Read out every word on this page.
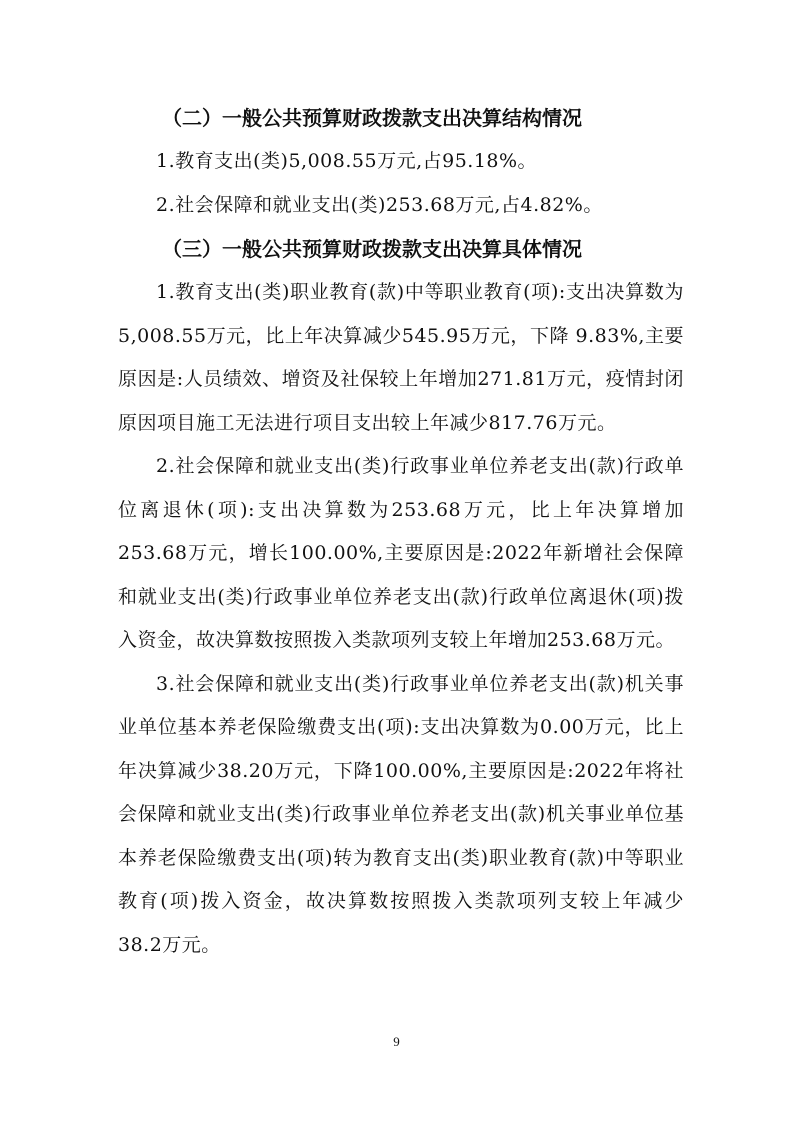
（二）一般公共预算财政拨款支出决算结构情况

1.教育支出(类)5,008.55万元,占95.18%。

2.社会保障和就业支出(类)253.68万元,占4.82%。

（三）一般公共预算财政拨款支出决算具体情况

1.教育支出(类)职业教育(款)中等职业教育(项):支出决算数为5,008.55万元，比上年决算减少545.95万元，下降 9.83%,主要原因是:人员绩效、增资及社保较上年增加271.81万元，疫情封闭原因项目施工无法进行项目支出较上年减少817.76万元。

2.社会保障和就业支出(类)行政事业单位养老支出(款)行政单位离退休(项):支出决算数为253.68万元，比上年决算增加253.68万元，增长100.00%,主要原因是:2022年新增社会保障和就业支出(类)行政事业单位养老支出(款)行政单位离退休(项)拨入资金，故决算数按照拨入类款项列支较上年增加253.68万元。

3.社会保障和就业支出(类)行政事业单位养老支出(款)机关事业单位基本养老保险缴费支出(项):支出决算数为0.00万元，比上年决算减少38.20万元，下降100.00%,主要原因是:2022年将社会保障和就业支出(类)行政事业单位养老支出(款)机关事业单位基本养老保险缴费支出(项)转为教育支出(类)职业教育(款)中等职业教育(项)拨入资金，故决算数按照拨入类款项列支较上年减少38.2万元。

9
